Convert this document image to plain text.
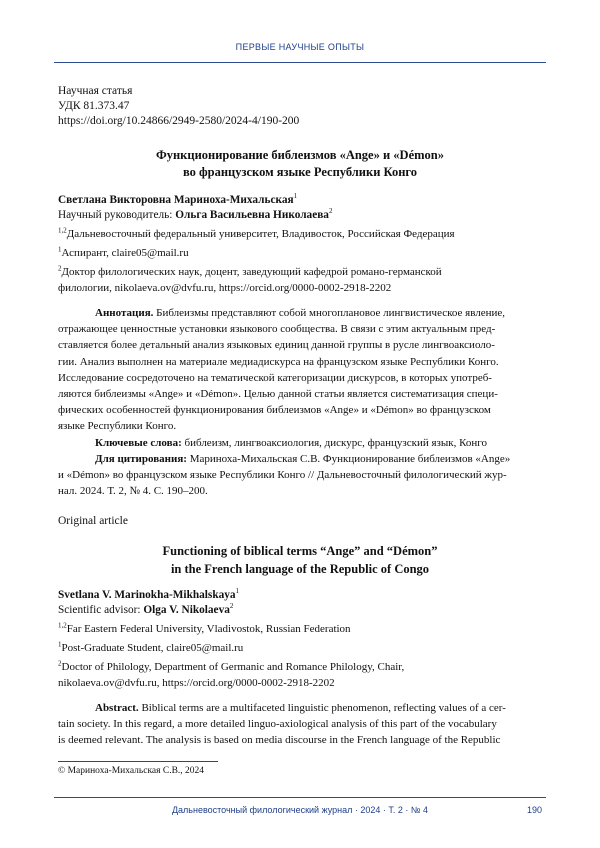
ПЕРВЫЕ НАУЧНЫЕ ОПЫТЫ
Научная статья
УДК 81.373.47
https://doi.org/10.24866/2949-2580/2024-4/190-200
Функционирование библеизмов «Ange» и «Démon»
во французском языке Республики Конго
Светлана Викторовна Мариноха-Михальская$^1$
Научный руководитель: Ольга Васильевна Николаева$^2$
$^{1,2}$Дальневосточный федеральный университет, Владивосток, Российская Федерация
$^1$Аспирант, claire05@mail.ru
$^2$Доктор филологических наук, доцент, заведующий кафедрой романо-германской
филологии, nikolaeva.ov@dvfu.ru, https://orcid.org/0000-0002-2918-2202
Аннотация. Библеизмы представляют собой многоплановое лингвистическое явление,
отражающее ценностные установки языкового сообщества. В связи с этим актуальным пред-
ставляется более детальный анализ языковых единиц данной группы в русле лингвоаксиоло-
гии. Анализ выполнен на материале медиадискурса на французском языке Республики Конго.
Исследование сосредоточено на тематической категоризации дискурсов, в которых употреб-
ляются библеизмы «Ange» и «Démon». Целью данной статьи является систематизация специ-
фических особенностей функционирования библеизмов «Ange» и «Démon» во французском
языке Республики Конго.
Ключевые слова: библеизм, лингвоаксиология, дискурс, французский язык, Конго
Для цитирования: Мариноха-Михальская С.В. Функционирование библеизмов «Ange»
и «Démon» во французском языке Республики Конго // Дальневосточный филологический жур-
нал. 2024. Т. 2, № 4. С. 190–200.
Original article
Functioning of biblical terms “Ange” and “Démon”
in the French language of the Republic of Congo
Svetlana V. Marinokha-Mikhalskaya$^1$
Scientific advisor: Olga V. Nikolaeva$^2$
$^{1,2}$Far Eastern Federal University, Vladivostok, Russian Federation
$^1$Post-Graduate Student, claire05@mail.ru
$^2$Doctor of Philology, Department of Germanic and Romance Philology, Chair,
nikolaeva.ov@dvfu.ru, https://orcid.org/0000-0002-2918-2202
Abstract. Biblical terms are a multifaceted linguistic phenomenon, reflecting values of a cer-
tain society. In this regard, a more detailed linguo-axiological analysis of this part of the vocabulary
is deemed relevant. The analysis is based on media discourse in the French language of the Republic
© Мариноха-Михальская С.В., 2024
Дальневосточный филологический журнал · 2024 · Т. 2 · № 4	190
